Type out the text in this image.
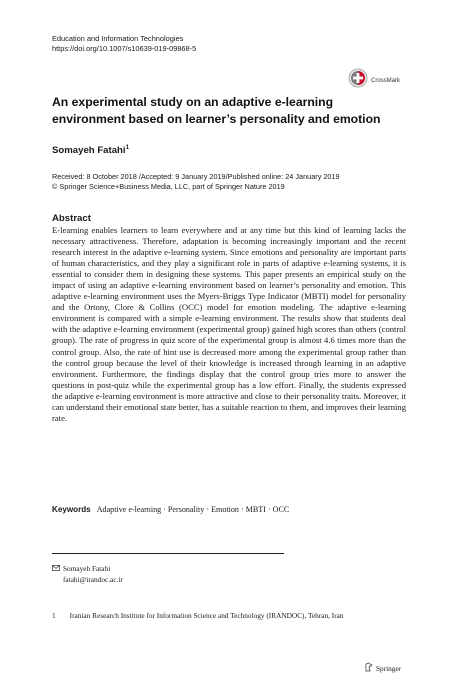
Education and Information Technologies
https://doi.org/10.1007/s10639-019-09868-5
CrossMark
An experimental study on an adaptive e-learning environment based on learner’s personality and emotion
Somayeh Fatahi$^1$
Received: 8 October 2018 /Accepted: 9 January 2019/Published online: 24 January 2019
© Springer Science+Business Media, LLC, part of Springer Nature 2019
Abstract
E-learning enables learners to learn everywhere and at any time but this kind of learning lacks the necessary attractiveness. Therefore, adaptation is becoming increasingly important and the recent research interest in the adaptive e-learning system. Since emotions and personality are important parts of human characteristics, and they play a significant role in parts of adaptive e-learning systems, it is essential to consider them in designing these systems. This paper presents an empirical study on the impact of using an adaptive e-learning environment based on learner’s personality and emotion. This adaptive e-learning environment uses the Myers-Briggs Type Indicator (MBTI) model for personality and the Ortony, Clore & Collins (OCC) model for emotion modeling. The adaptive e-learning environment is compared with a simple e-learning environment. The results show that students deal with the adaptive e-learning environment (experimental group) gained high scores than others (control group). The rate of progress in quiz score of the experimental group is almost 4.6 times more than the control group. Also, the rate of hint use is decreased more among the experimental group rather than the control group because the level of their knowledge is increased through learning in an adaptive environment. Furthermore, the findings display that the control group tries more to answer the questions in post-quiz while the experimental group has a low effort. Finally, the students expressed the adaptive e-learning environment is more attractive and close to their personality traits. Moreover, it can understand their emotional state better, has a suitable reaction to them, and improves their learning rate.
Keywords Adaptive e-learning · Personality · Emotion · MBTI · OCC
Somayeh Fatahi
fatahi@irandoc.ac.ir
1 Iranian Research Institute for Information Science and Technology (IRANDOC), Tehran, Iran
Springer
